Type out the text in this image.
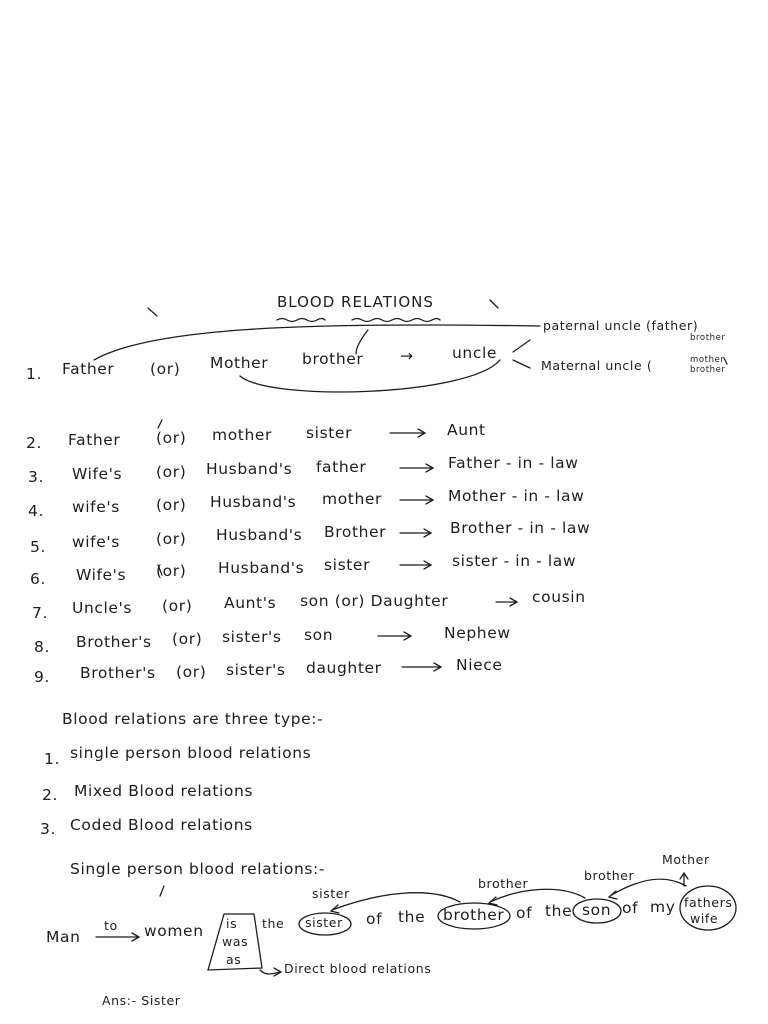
BLOOD RELATIONS
1. Father (or) Mother brother → uncle
paternal uncle (father)
brother
Maternal uncle (	mother
brother
2. Father (or) mother sister	Aunt
3. Wife's (or) Husband's father	Father - in - law
4. wife's (or) Husband's mother	Mother - in - law
5. wife's (or) Husband's Brother	Brother - in - law
6. Wife's (or) Husband's sister	sister - in - law
7. Uncle's (or) Aunt's son (or) Daughter	cousin
8. Brother's (or) sister's son	Nephew
9. Brother's (or) sister's daughter	Niece
Blood relations are three type:-
1. single person blood relations
2. Mixed Blood relations
3. Coded Blood relations
Single person blood relations:-
Mother
brother
brother
sister
Man
to women is
was
as
the sister of the brother of the son of my fathers
wife
Direct blood relations
Ans:- Sister
